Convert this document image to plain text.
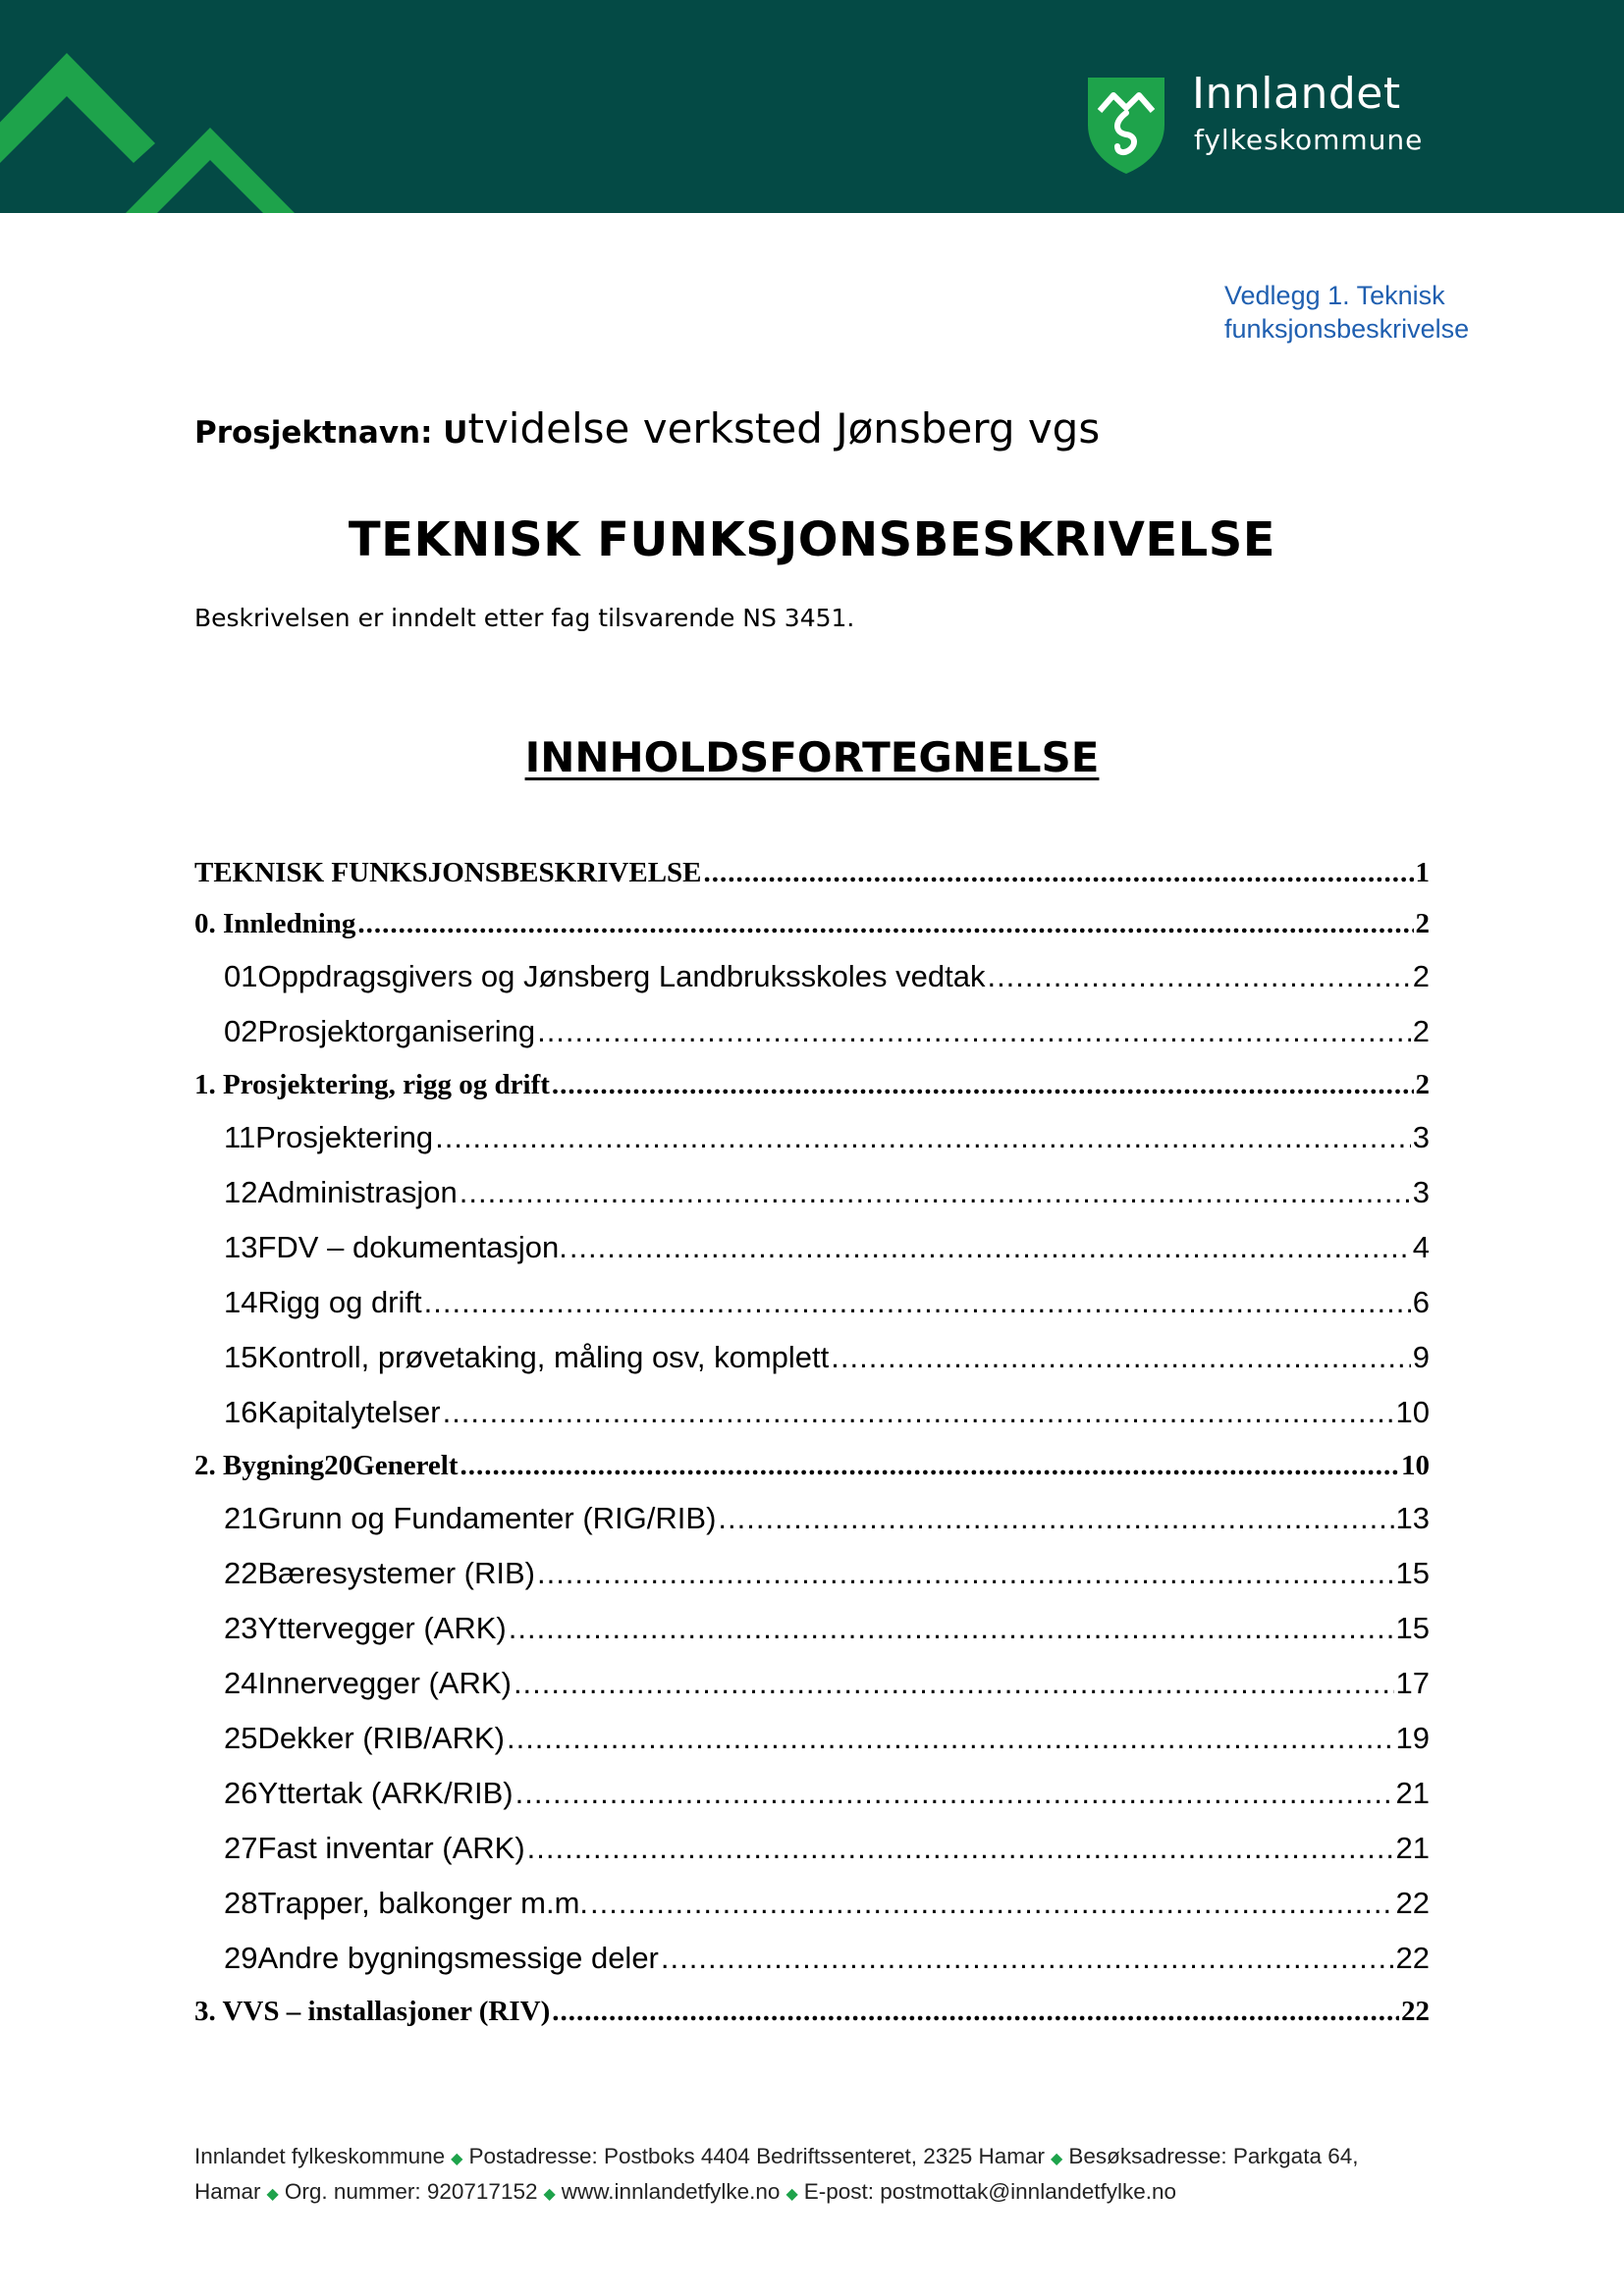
Innlandet
fylkeskommune
Vedlegg 1. Teknisk
funksjonsbeskrivelse
Prosjektnavn: Utvidelse verksted Jønsberg vgs
TEKNISK FUNKSJONSBESKRIVELSE
Beskrivelsen er inndelt etter fag tilsvarende NS 3451.
INNHOLDSFORTEGNELSE
TEKNISK FUNKSJONSBESKRIVELSE .....	1
0. Innledning .....	2
01Oppdragsgivers og Jønsberg Landbruksskoles vedtak .....	2
02Prosjektorganisering .....	2
1. Prosjektering, rigg og drift .....	2
11Prosjektering .....	3
12Administrasjon .....	3
13FDV – dokumentasjon. .....	4
14Rigg og drift .....	6
15Kontroll, prøvetaking, måling osv, komplett .....	9
16Kapitalytelser .....	10
2. Bygning20Generelt .....	10
21Grunn og Fundamenter (RIG/RIB) .....	13
22Bæresystemer (RIB) .....	15
23Yttervegger (ARK) .....	15
24Innervegger (ARK) .....	17
25Dekker (RIB/ARK) .....	19
26Yttertak (ARK/RIB) .....	21
27Fast inventar (ARK) .....	21
28Trapper, balkonger m.m. .....	22
29Andre bygningsmessige deler .....	22
3. VVS – installasjoner (RIV) .....	22
Innlandet fylkeskommune ◆ Postadresse: Postboks 4404 Bedriftssenteret, 2325 Hamar ◆ Besøksadresse: Parkgata 64,
Hamar ◆ Org. nummer: 920717152 ◆ www.innlandetfylke.no ◆ E-post: postmottak@innlandetfylke.no
